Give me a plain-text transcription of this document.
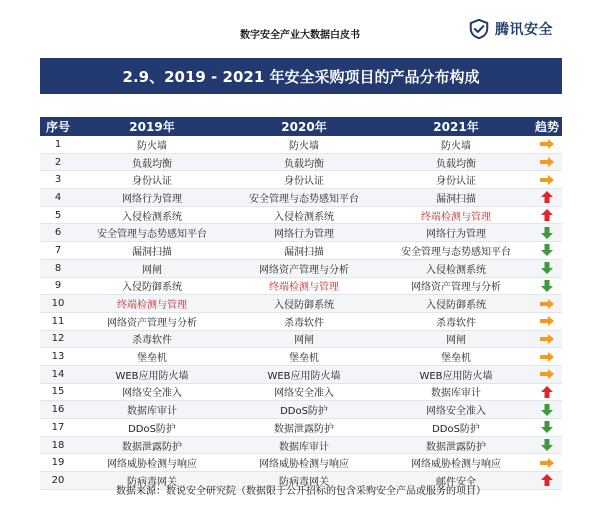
数字安全产业大数据白皮书	腾讯安全
2.9、2019 - 2021 年安全采购项目的产品分布构成
序号	2019年	2020年	2021年	趋势
1	防火墙	防火墙	防火墙	

2	负载均衡	负载均衡	负载均衡	

3	身份认证	身份认证	身份认证	

4	网络行为管理	安全管理与态势感知平台	漏洞扫描	

5	入侵检测系统	入侵检测系统	终端检测与管理	

6	安全管理与态势感知平台	网络行为管理	网络行为管理	

7	漏洞扫描	漏洞扫描	安全管理与态势感知平台	

8	网闸	网络资产管理与分析	入侵检测系统	

9	入侵防御系统	终端检测与管理	网络资产管理与分析	

10	终端检测与管理	入侵防御系统	入侵防御系统	

11	网络资产管理与分析	杀毒软件	杀毒软件	

12	杀毒软件	网闸	网闸	

13	堡垒机	堡垒机	堡垒机	

14	WEB应用防火墙	WEB应用防火墙	WEB应用防火墙	

15	网络安全准入	网络安全准入	数据库审计	

16	数据库审计	DDoS防护	网络安全准入	

17	DDoS防护	数据泄露防护	DDoS防护	

18	数据泄露防护	数据库审计	数据泄露防护	

19	网络威胁检测与响应	网络威胁检测与响应	网络威胁检测与响应	

20	防病毒网关	防病毒网关	邮件安全	
数据来源：数说安全研究院（数据限于公开招标的包含采购安全产品或服务的项目）
